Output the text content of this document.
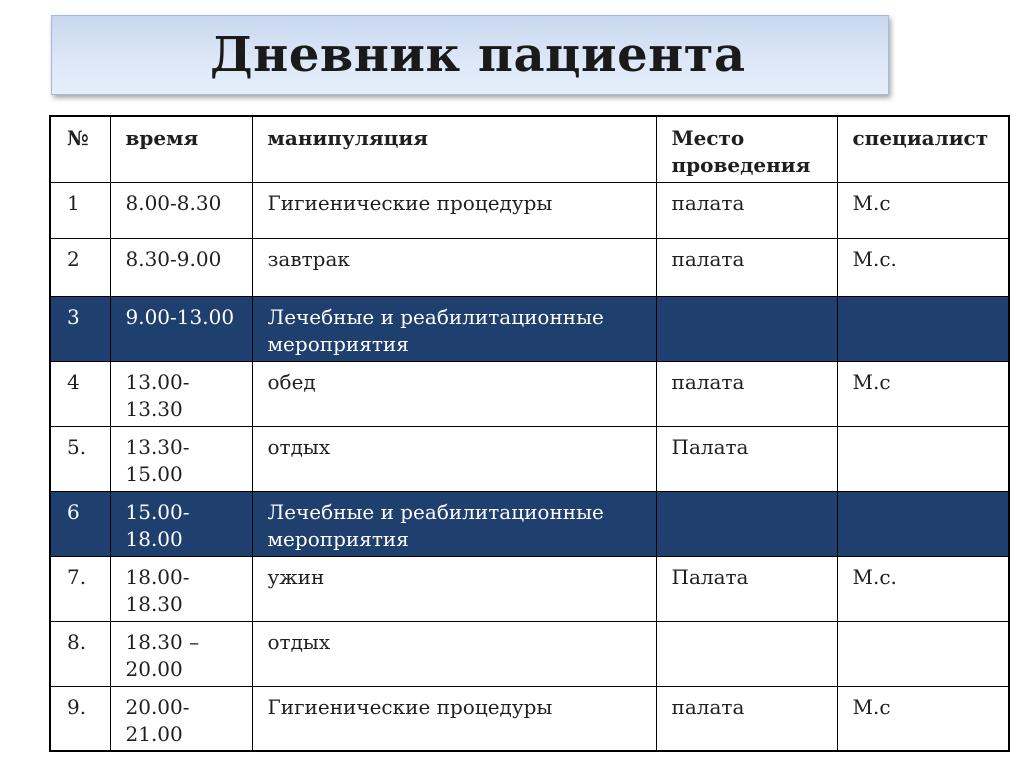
Дневник пациента
№	время	манипуляция	Место проведения	специалист
1	8.00-8.30	Гигиенические процедуры	палата	М.с
2	8.30-9.00	завтрак	палата	М.с.
3	9.00-13.00	Лечебные и реабилитационные мероприятия		
4	13.00-13.30	обед	палата	М.с
5.	13.30-15.00	отдых	Палата	
6	15.00-18.00	Лечебные и реабилитационные мероприятия		
7.	18.00-18.30	ужин	Палата	М.с.
8.	18.30 – 20.00	отдых		
9.	20.00-21.00	Гигиенические процедуры	палата	М.с
